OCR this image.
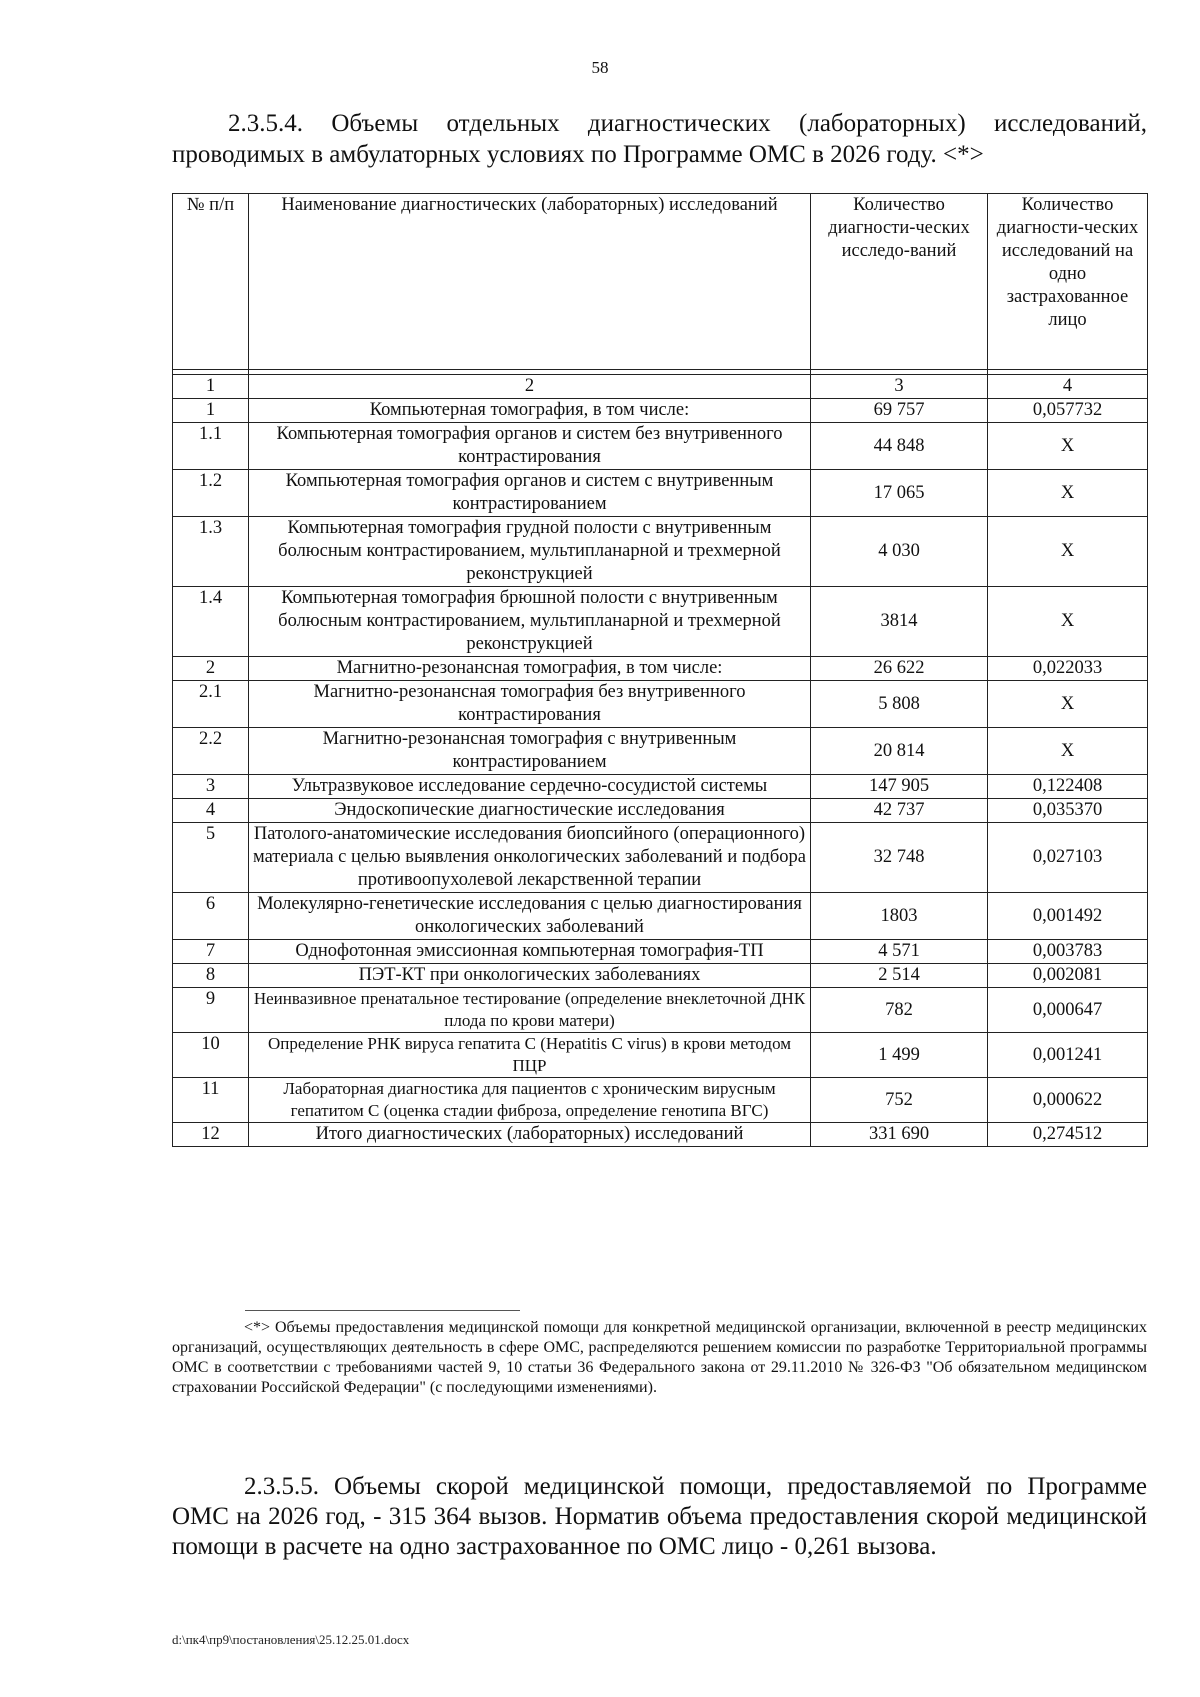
58
2.3.5.4. Объемы отдельных диагностических (лабораторных) исследований, проводимых в амбулаторных условиях по Программе ОМС в 2026 году. <*>
№ п/п	Наименование диагностических (лабораторных) исследований	Количество диагности-ческих исследо-ваний	Количество диагности-ческих исследований на одно застрахованное лицо

1	2	3	4
1	Компьютерная томография, в том числе:	69 757	0,057732
1.1	Компьютерная томография органов и систем без внутривенного контрастирования	44 848	Х
1.2	Компьютерная томография органов и систем с внутривенным контрастированием	17 065	Х
1.3	Компьютерная томография грудной полости с внутривенным болюсным контрастированием, мультипланарной и трехмерной реконструкцией	4 030	Х
1.4	Компьютерная томография брюшной полости с внутривенным болюсным контрастированием, мультипланарной и трехмерной реконструкцией	3814	Х
2	Магнитно-резонансная томография, в том числе:	26 622	0,022033
2.1	Магнитно-резонансная томография без внутривенного контрастирования	5 808	Х
2.2	Магнитно-резонансная томография с внутривенным контрастированием	20 814	Х
3	Ультразвуковое исследование сердечно-сосудистой системы	147 905	0,122408
4	Эндоскопические диагностические исследования	42 737	0,035370
5	Патолого-анатомические исследования биопсийного (операционного) материала с целью выявления онкологических заболеваний и подбора противоопухолевой лекарственной терапии	32 748	0,027103
6	Молекулярно-генетические исследования с целью диагностирования онкологических заболеваний	1803	0,001492
7	Однофотонная эмиссионная компьютерная томография-ТП	4 571	0,003783
8	ПЭТ-КТ при онкологических заболеваниях	2 514	0,002081
9	Неинвазивное пренатальное тестирование (определение внеклеточной ДНК плода по крови матери)	782	0,000647
10	Определение РНК вируса гепатита С (Hepatitis C virus) в крови методом ПЦР	1 499	0,001241
11	Лабораторная диагностика для пациентов с хроническим вирусным гепатитом С (оценка стадии фиброза, определение генотипа ВГС)	752	0,000622
12	Итого диагностических (лабораторных) исследований	331 690	0,274512
<*> Объемы предоставления медицинской помощи для конкретной медицинской организации, включенной в реестр медицинских организаций, осуществляющих деятельность в сфере ОМС, распределяются решением комиссии по разработке Территориальной программы ОМС в соответствии с требованиями частей 9, 10 статьи 36 Федерального закона от 29.11.2010 № 326-ФЗ "Об обязательном медицинском страховании Российской Федерации" (с последующими изменениями).
2.3.5.5. Объемы скорой медицинской помощи, предоставляемой по Программе ОМС на 2026 год, - 315 364 вызов. Норматив объема предоставления скорой медицинской помощи в расчете на одно застрахованное по ОМС лицо - 0,261 вызова.
d:\пк4\пр9\постановления\25.12.25.01.docx
